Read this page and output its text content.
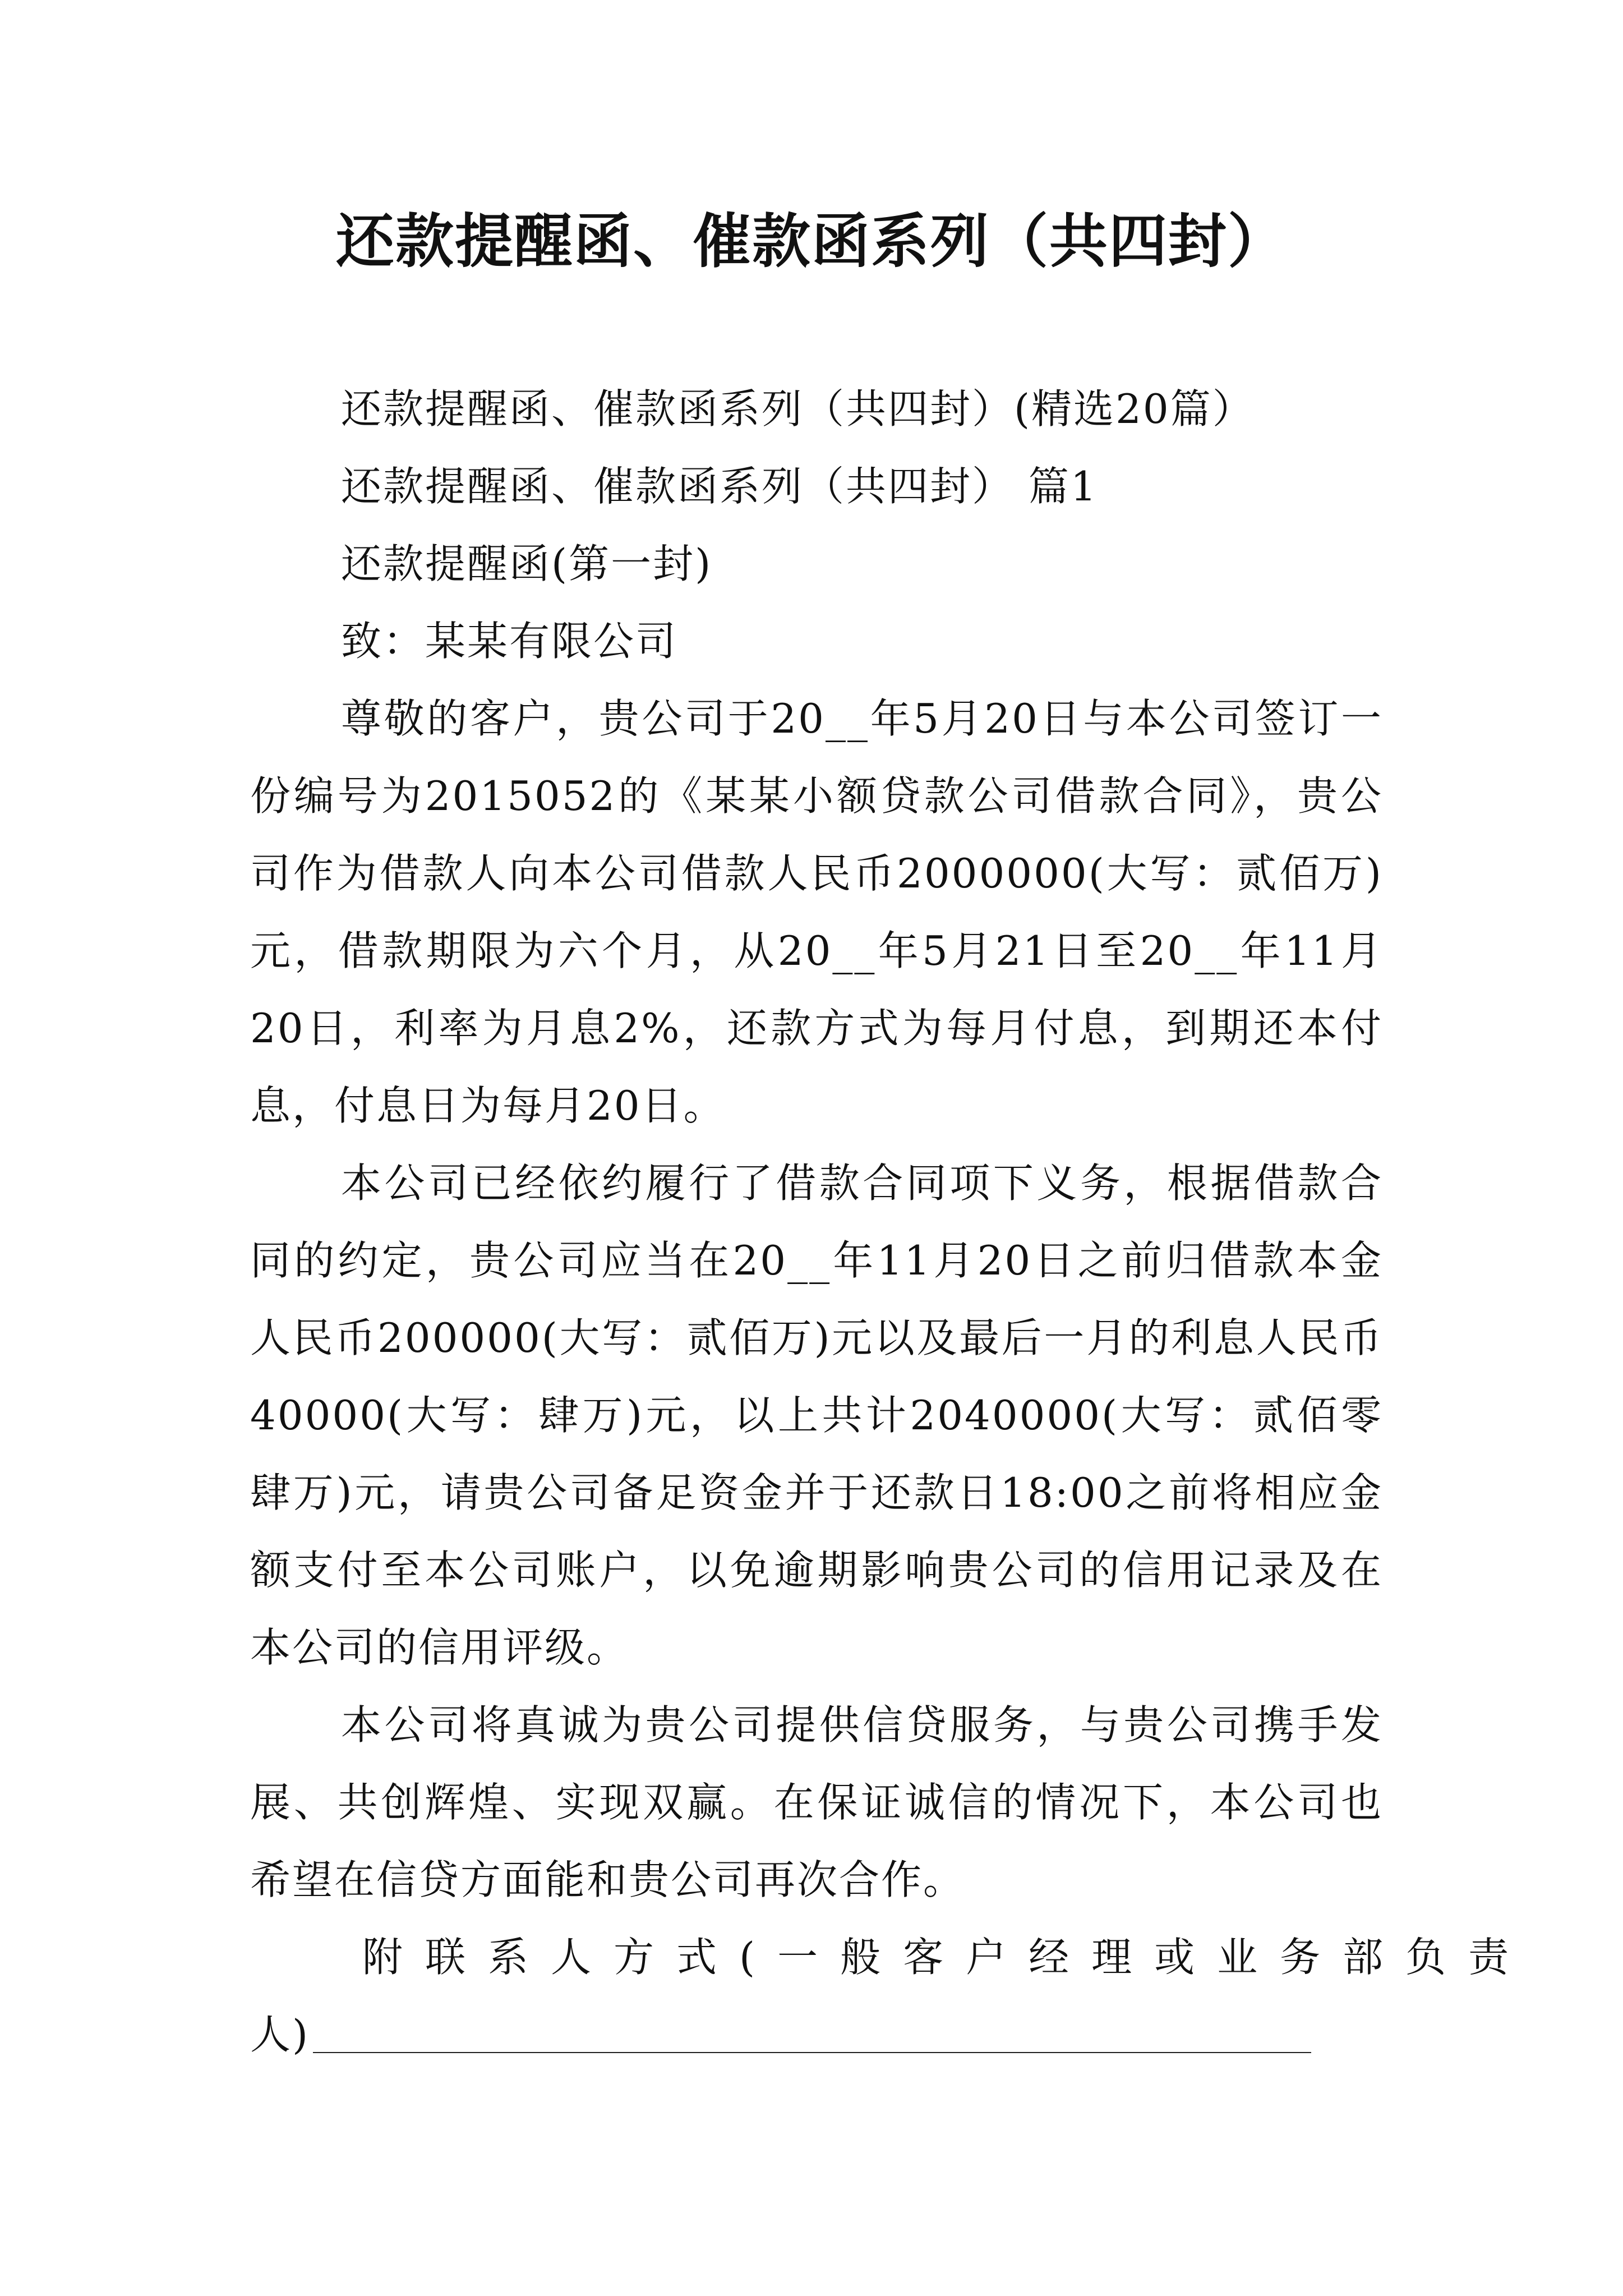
还款提醒函、催款函系列（共四封）

还款提醒函、催款函系列（共四封）(精选20篇）

还款提醒函、催款函系列（共四封） 篇1

还款提醒函(第一封)

致：某某有限公司

尊敬的客户，贵公司于20__年5月20日与本公司签订一份编号为2015052的《某某小额贷款公司借款合同》，贵公司作为借款人向本公司借款人民币2000000(大写：贰佰万)元，借款期限为六个月，从20__年5月21日至20__年11月20日，利率为月息2%，还款方式为每月付息，到期还本付息，付息日为每月20日。

本公司已经依约履行了借款合同项下义务，根据借款合同的约定，贵公司应当在20__年11月20日之前归借款本金人民币200000(大写：贰佰万)元以及最后一月的利息人民币40000(大写：肆万)元，以上共计2040000(大写：贰佰零肆万)元，请贵公司备足资金并于还款日18:00之前将相应金额支付至本公司账户，以免逾期影响贵公司的信用记录及在本公司的信用评级。

本公司将真诚为贵公司提供信贷服务，与贵公司携手发展、共创辉煌、实现双赢。在保证诚信的情况下，本公司也希望在信贷方面能和贵公司再次合作。

附联系人方式(一般客户经理或业务部负责

人)
